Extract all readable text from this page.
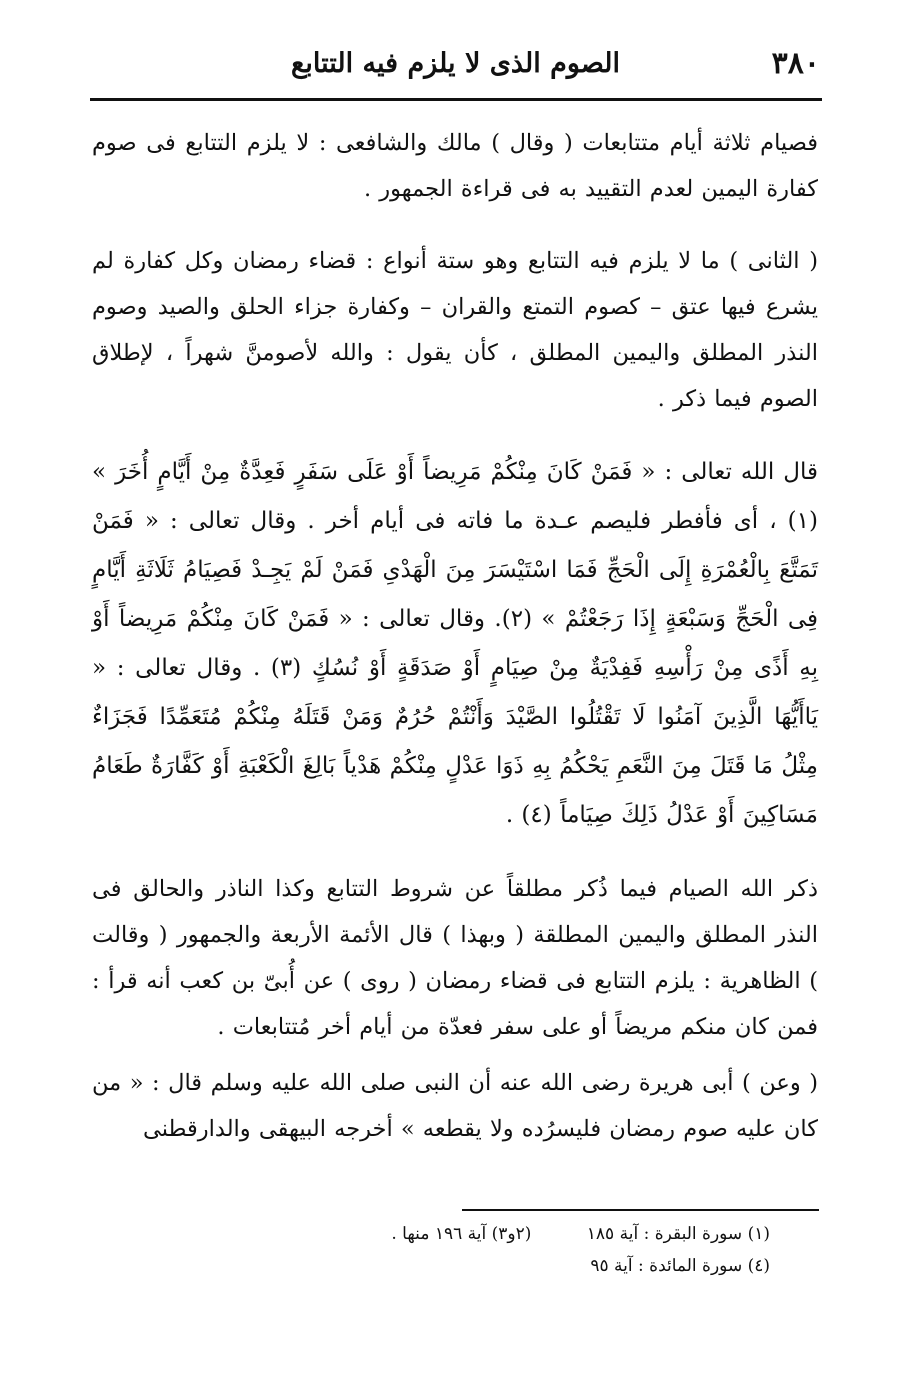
٣٨٠
الصوم الذى لا يلزم فيه التتابع

فصيام ثلاثة أيام متتابعات ( وقال ) مالك والشافعى : لا يلزم التتابع فى صوم كفارة اليمين لعدم التقييد به فى قراءة الجمهور .

( الثانى ) ما لا يلزم فيه التتابع وهو ستة أنواع : قضاء رمضان وكل كفارة لم يشرع فيها عتق – كصوم التمتع والقران – وكفارة جزاء الحلق والصيد وصوم النذر المطلق واليمين المطلق ، كأن يقول : والله لأصومنَّ شهراً ، لإطلاق الصوم فيما ذكر .

قال الله تعالى : « فَمَنْ كَانَ مِنْكُمْ مَرِيضاً أَوْ عَلَى سَفَرٍ فَعِدَّةٌ مِنْ أَيَّامٍ أُخَرَ » (١) ، أى فأفطر فليصم عـدة ما فاته فى أيام أخر . وقال تعالى : « فَمَنْ تَمَتَّعَ بِالْعُمْرَةِ إِلَى الْحَجِّ فَمَا اسْتَيْسَرَ مِنَ الْهَدْىِ فَمَنْ لَمْ يَجِـدْ فَصِيَامُ ثَلَاثَةِ أَيَّامٍ فِى الْحَجِّ وَسَبْعَةٍ إِذَا رَجَعْتُمْ » (٢). وقال تعالى : « فَمَنْ كَانَ مِنْكُمْ مَرِيضاً أَوْ بِهِ أَذًى مِنْ رَأْسِهِ فَفِدْيَةٌ مِنْ صِيَامٍ أَوْ صَدَقَةٍ أَوْ نُسُكٍ (٣) . وقال تعالى : « يَاأَيُّهَا الَّذِينَ آمَنُوا لَا تَقْتُلُوا الصَّيْدَ وَأَنْتُمْ حُرُمٌ وَمَنْ قَتَلَهُ مِنْكُمْ مُتَعَمِّدًا فَجَزَاءٌ مِثْلُ مَا قَتَلَ مِنَ النَّعَمِ يَحْكُمُ بِهِ ذَوَا عَدْلٍ مِنْكُمْ هَدْياً بَالِغَ الْكَعْبَةِ أَوْ كَفَّارَةٌ طَعَامُ مَسَاكِينَ أَوْ عَدْلُ ذَلِكَ صِيَاماً (٤) .

ذكر الله الصيام فيما ذُكر مطلقاً عن شروط التتابع وكذا الناذر والحالق فى النذر المطلق واليمين المطلقة ( وبهذا ) قال الأئمة الأربعة والجمهور ( وقالت ) الظاهرية : يلزم التتابع فى قضاء رمضان ( روى ) عن أُبىّ بن كعب أنه قرأ : فمن كان منكم مريضاً أو على سفر فعدّة من أيام أخر مُتتابعات .

( وعن ) أبى هريرة رضى الله عنه أن النبى صلى الله عليه وسلم قال : « من كان عليه صوم رمضان فليسرُده ولا يقطعه » أخرجه البيهقى والدارقطنى

(١) سورة البقرة : آية ١٨٥ (٢و٣) آية ١٩٦ منها .
(٤) سورة المائدة : آية ٩٥
